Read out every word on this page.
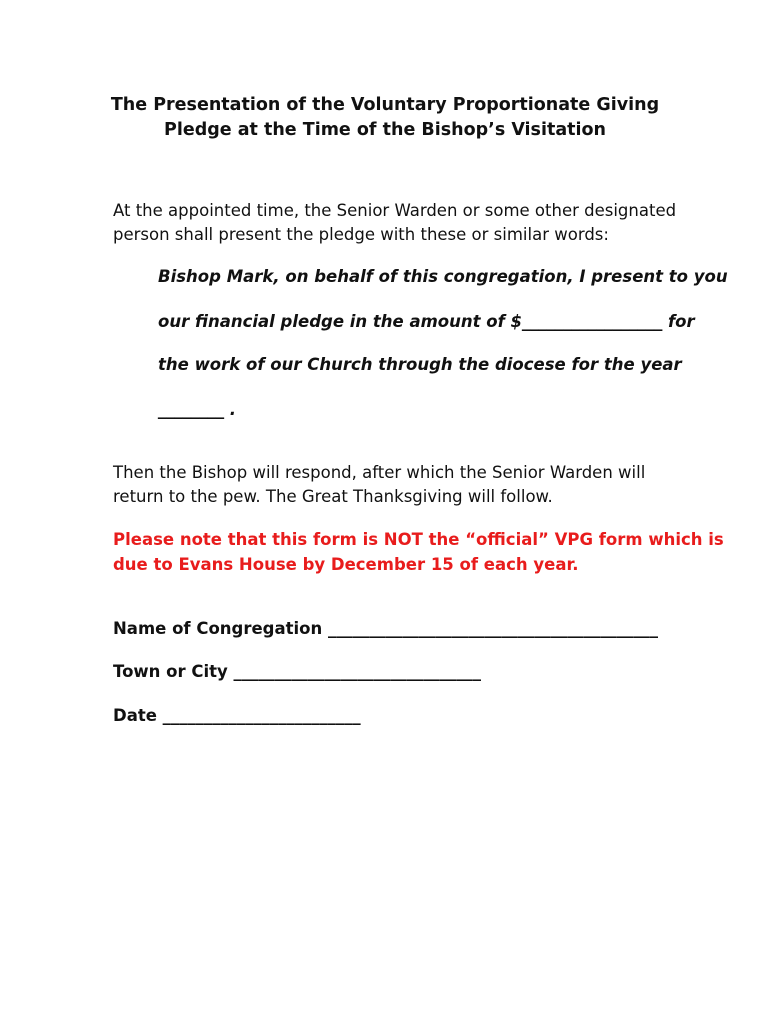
The Presentation of the Voluntary Proportionate Giving
Pledge at the Time of the Bishop’s Visitation
At the appointed time, the Senior Warden or some other designated
person shall present the pledge with these or similar words:
Bishop Mark, on behalf of this congregation, I present to you
our financial pledge in the amount of $_________________ for
the work of our Church through the diocese for the year
________ .
Then the Bishop will respond, after which the Senior Warden will
return to the pew. The Great Thanksgiving will follow.
Please note that this form is NOT the “official” VPG form which is
due to Evans House by December 15 of each year.
Name of Congregation ________________________________________
Town or City ______________________________
Date ________________________
